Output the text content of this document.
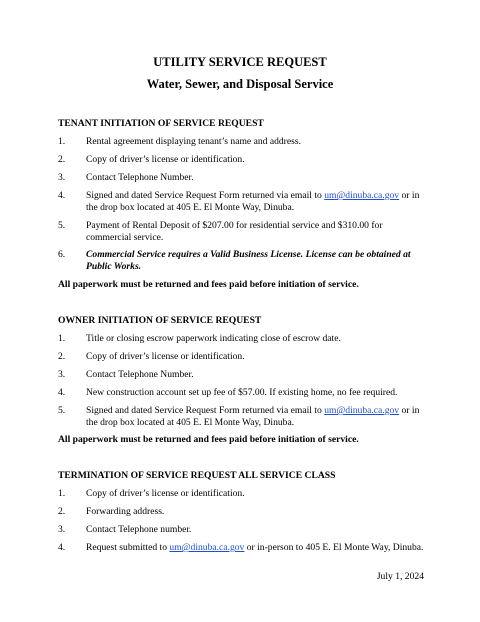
UTILITY SERVICE REQUEST
Water, Sewer, and Disposal Service
TENANT INITIATION OF SERVICE REQUEST
1.	Rental agreement displaying tenant’s name and address.
2.	Copy of driver’s license or identification.
3.	Contact Telephone Number.
4.	Signed and dated Service Request Form returned via email to um@dinuba.ca.gov or in the drop box located at 405 E. El Monte Way, Dinuba.
5.	Payment of Rental Deposit of $207.00 for residential service and $310.00 for commercial service.
6.	Commercial Service requires a Valid Business License. License can be obtained at Public Works.
All paperwork must be returned and fees paid before initiation of service.
OWNER INITIATION OF SERVICE REQUEST
1.	Title or closing escrow paperwork indicating close of escrow date.
2.	Copy of driver’s license or identification.
3.	Contact Telephone Number.
4.	New construction account set up fee of $57.00. If existing home, no fee required.
5.	Signed and dated Service Request Form returned via email to um@dinuba.ca.gov or in the drop box located at 405 E. El Monte Way, Dinuba.
All paperwork must be returned and fees paid before initiation of service.
TERMINATION OF SERVICE REQUEST ALL SERVICE CLASS
1.	Copy of driver’s license or identification.
2.	Forwarding address.
3.	Contact Telephone number.
4.	Request submitted to um@dinuba.ca.gov or in-person to 405 E. El Monte Way, Dinuba.
July 1, 2024
